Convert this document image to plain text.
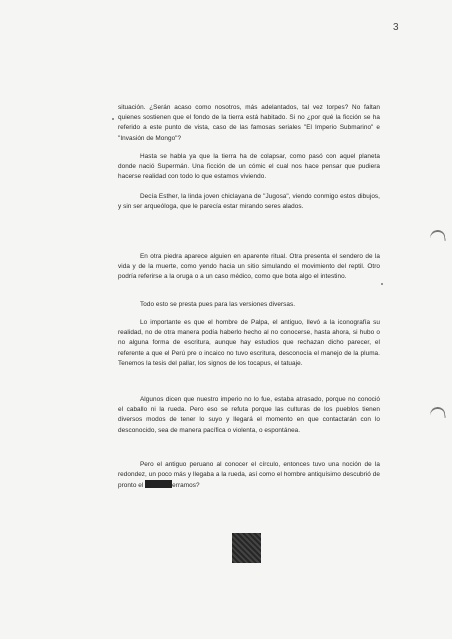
3

situación. ¿Serán acaso como nosotros, más adelantados, tal vez torpes? No faltan quienes sostienen que el fondo de la tierra está habitado. Si no ¿por qué la ficción se ha referido a este punto de vista, caso de las famosas seriales "El Imperio Submarino" e "Invasión de Mongo"?

Hasta se habla ya que la tierra ha de colapsar, como pasó con aquel planeta donde nació Supermán. Una ficción de un cómic el cual nos hace pensar que pudiera hacerse realidad con todo lo que estamos viviendo.

Decía Esther, la linda joven chiclayana de "Jugosa", viendo conmigo estos dibujos, y sin ser arqueóloga, que le parecía estar mirando seres alados.

En otra piedra aparece alguien en aparente ritual. Otra presenta el sendero de la vida y de la muerte, como yendo hacia un sitio simulando el movimiento del reptil. Otro podría referirse a la oruga o a un caso médico, como que bota algo el intestino.

Todo esto se presta pues para las versiones diversas.

Lo importante es que el hombre de Palpa, el antiguo, llevó a la iconografía su realidad, no de otra manera podía haberlo hecho al no conocerse, hasta ahora, si hubo o no alguna forma de escritura, aunque hay estudios que rechazan dicho parecer, el referente a que el Perú pre o incaico no tuvo escritura, desconocía el manejo de la pluma. Tenemos la tesis del pallar, los signos de los tocapus, el tatuaje.

Algunos dicen que nuestro imperio no lo fue, estaba atrasado, porque no conoció el caballo ni la rueda. Pero eso se refuta porque las culturas de los pueblos tienen diversos modos de tener lo suyo y llegará el momento en que contactarán con lo desconocido, sea de manera pacífica o violenta, o espontánea.

Pero el antiguo peruano al conocer el círculo, entonces tuvo una noción de la redondez, un poco más y llegaba a la rueda, así como el hombre antiquísimo descubrió de pronto el	erramos?
